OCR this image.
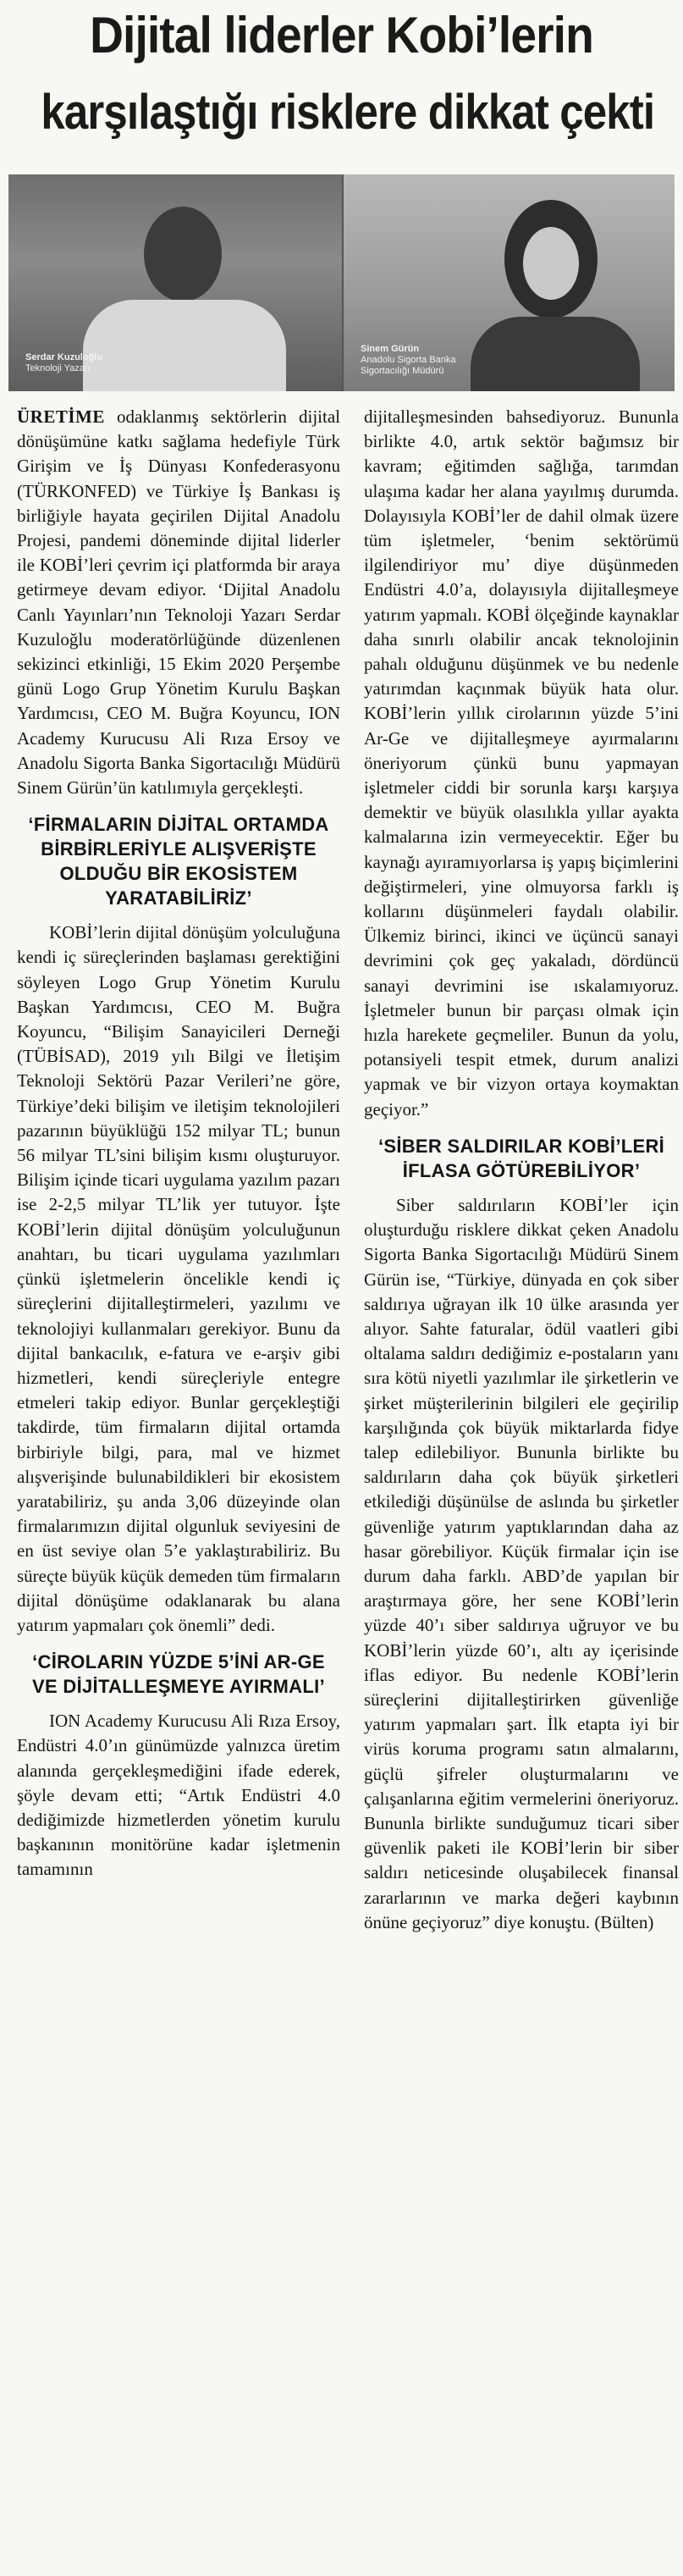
Dijital liderler Kobi’lerin
karşılaştığı risklere dikkat çekti
Serdar Kuzuloğlu
Teknoloji Yazarı
Sinem Gürün
Anadolu Sigorta Banka
Sigortacılığı Müdürü

ÜRETİME odaklanmış sektörlerin dijital dönüşümüne katkı sağlama hedefiyle Türk Girişim ve İş Dünyası Konfederasyonu (TÜRKONFED) ve Türkiye İş Bankası iş birliğiyle hayata geçirilen Dijital Anadolu Projesi, pandemi döneminde dijital liderler ile KOBİ’leri çevrim içi platformda bir araya getirmeye devam ediyor. ‘Dijital Anadolu Canlı Yayınları’nın Teknoloji Yazarı Serdar Kuzuloğlu moderatörlüğünde düzenlenen sekizinci etkinliği, 15 Ekim 2020 Perşembe günü Logo Grup Yönetim Kurulu Başkan Yardımcısı, CEO M. Buğra Koyuncu, ION Academy Kurucusu Ali Rıza Ersoy ve Anadolu Sigorta Banka Sigortacılığı Müdürü Sinem Gürün’ün katılımıyla gerçekleşti.

‘FİRMALARIN DİJİTAL ORTAMDA BİRBİRLERİYLE ALIŞVERİŞTE OLDUĞU BİR EKOSİSTEM YARATABİLİRİZ’

KOBİ’lerin dijital dönüşüm yolculuğuna kendi iç süreçlerinden başlaması gerektiğini söyleyen Logo Grup Yönetim Kurulu Başkan Yardımcısı, CEO M. Buğra Koyuncu, “Bilişim Sanayicileri Derneği (TÜBİSAD), 2019 yılı Bilgi ve İletişim Teknoloji Sektörü Pazar Verileri’ne göre, Türkiye’deki bilişim ve iletişim teknolojileri pazarının büyüklüğü 152 milyar TL; bunun 56 milyar TL’sini bilişim kısmı oluşturuyor. Bilişim içinde ticari uygulama yazılım pazarı ise 2-2,5 milyar TL’lik yer tutuyor. İşte KOBİ’lerin dijital dönüşüm yolculuğunun anahtarı, bu ticari uygulama yazılımları çünkü işletmelerin öncelikle kendi iç süreçlerini dijitalleştirmeleri, yazılımı ve teknolojiyi kullanmaları gerekiyor. Bunu da dijital bankacılık, e-fatura ve e-arşiv gibi hizmetleri, kendi süreçleriyle entegre etmeleri takip ediyor. Bunlar gerçekleştiği takdirde, tüm firmaların dijital ortamda birbiriyle bilgi, para, mal ve hizmet alışverişinde bulunabildikleri bir ekosistem yaratabiliriz, şu anda 3,06 düzeyinde olan firmalarımızın dijital olgunluk seviyesini de en üst seviye olan 5’e yaklaştırabiliriz. Bu süreçte büyük küçük demeden tüm firmaların dijital dönüşüme odaklanarak bu alana yatırım yapmaları çok önemli” dedi.

‘CİROLARIN YÜZDE 5’İNİ AR-GE VE DİJİTALLEŞMEYE AYIRMALI’

ION Academy Kurucusu Ali Rıza Ersoy, Endüstri 4.0’ın günümüzde yalnızca üretim alanında gerçekleşmediğini ifade ederek, şöyle devam etti; “Artık Endüstri 4.0 dediğimizde hizmetlerden yönetim kurulu başkanının monitörüne kadar işletmenin tamamının

dijitalleşmesinden bahsediyoruz. Bununla birlikte 4.0, artık sektör bağımsız bir kavram; eğitimden sağlığa, tarımdan ulaşıma kadar her alana yayılmış durumda. Dolayısıyla KOBİ’ler de dahil olmak üzere tüm işletmeler, ‘benim sektörümü ilgilendiriyor mu’ diye düşünmeden Endüstri 4.0’a, dolayısıyla dijitalleşmeye yatırım yapmalı. KOBİ ölçeğinde kaynaklar daha sınırlı olabilir ancak teknolojinin pahalı olduğunu düşünmek ve bu nedenle yatırımdan kaçınmak büyük hata olur. KOBİ’lerin yıllık cirolarının yüzde 5’ini Ar-Ge ve dijitalleşmeye ayırmalarını öneriyorum çünkü bunu yapmayan işletmeler ciddi bir sorunla karşı karşıya demektir ve büyük olasılıkla yıllar ayakta kalmalarına izin vermeyecektir. Eğer bu kaynağı ayıramıyorlarsa iş yapış biçimlerini değiştirmeleri, yine olmuyorsa farklı iş kollarını düşünmeleri faydalı olabilir. Ülkemiz birinci, ikinci ve üçüncü sanayi devrimini çok geç yakaladı, dördüncü sanayi devrimini ise ıskalamıyoruz. İşletmeler bunun bir parçası olmak için hızla harekete geçmeliler. Bunun da yolu, potansiyeli tespit etmek, durum analizi yapmak ve bir vizyon ortaya koymaktan geçiyor.”

‘SİBER SALDIRILAR KOBİ’LERİ İFLASA GÖTÜREBİLİYOR’

Siber saldırıların KOBİ’ler için oluşturduğu risklere dikkat çeken Anadolu Sigorta Banka Sigortacılığı Müdürü Sinem Gürün ise, “Türkiye, dünyada en çok siber saldırıya uğrayan ilk 10 ülke arasında yer alıyor. Sahte faturalar, ödül vaatleri gibi oltalama saldırı dediğimiz e-postaların yanı sıra kötü niyetli yazılımlar ile şirketlerin ve şirket müşterilerinin bilgileri ele geçirilip karşılığında çok büyük miktarlarda fidye talep edilebiliyor. Bununla birlikte bu saldırıların daha çok büyük şirketleri etkilediği düşünülse de aslında bu şirketler güvenliğe yatırım yaptıklarından daha az hasar görebiliyor. Küçük firmalar için ise durum daha farklı. ABD’de yapılan bir araştırmaya göre, her sene KOBİ’lerin yüzde 40’ı siber saldırıya uğruyor ve bu KOBİ’lerin yüzde 60’ı, altı ay içerisinde iflas ediyor. Bu nedenle KOBİ’lerin süreçlerini dijitalleştirirken güvenliğe yatırım yapmaları şart. İlk etapta iyi bir virüs koruma programı satın almalarını, güçlü şifreler oluşturmalarını ve çalışanlarına eğitim vermelerini öneriyoruz. Bununla birlikte sunduğumuz ticari siber güvenlik paketi ile KOBİ’lerin bir siber saldırı neticesinde oluşabilecek finansal zararlarının ve marka değeri kaybının önüne geçiyoruz” diye konuştu. (Bülten)
